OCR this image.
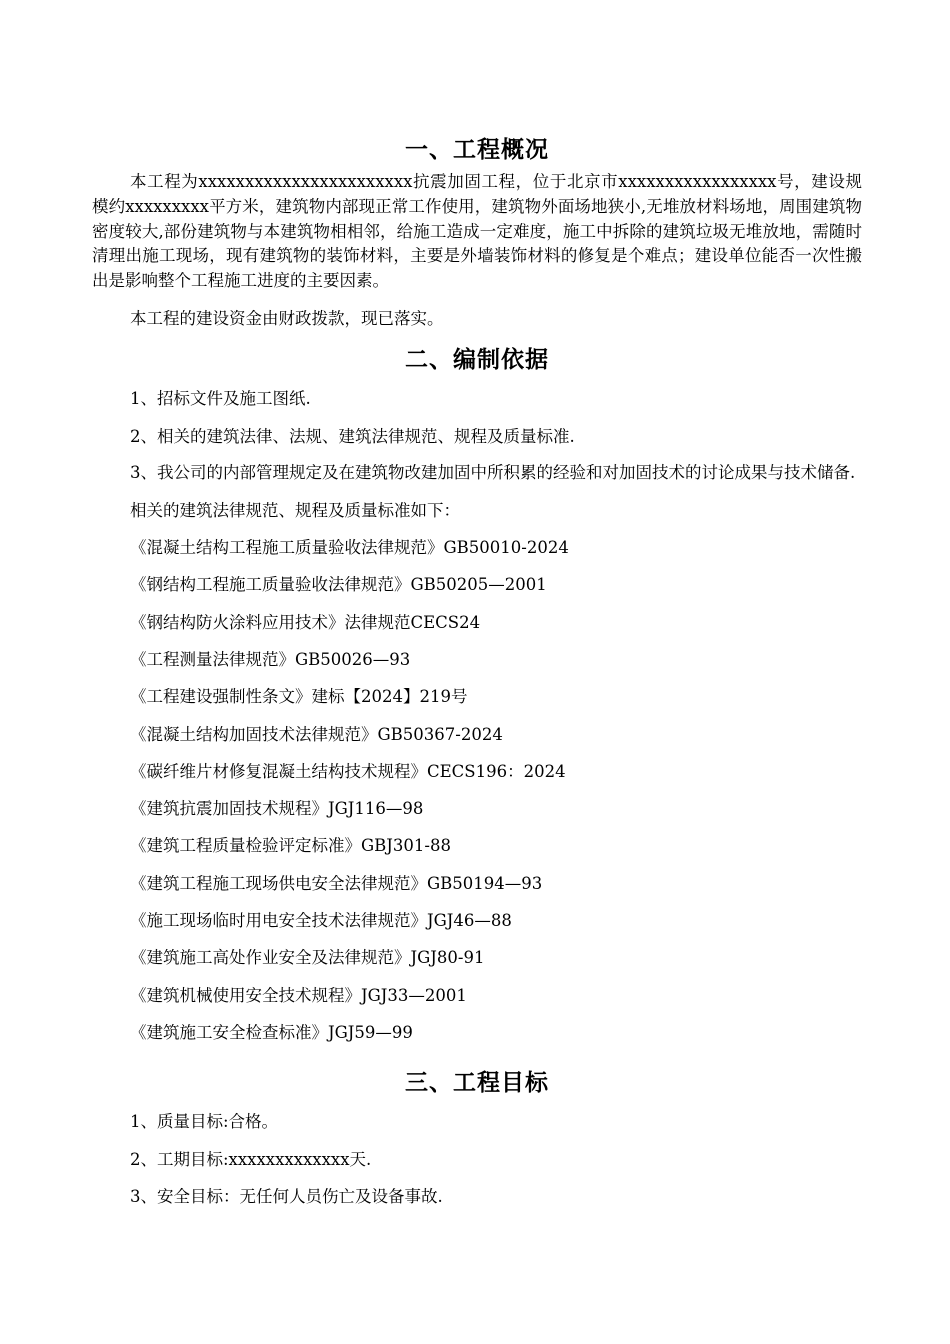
一、工程概况

本工程为xxxxxxxxxxxxxxxxxxxxxxx抗震加固工程，位于北京市xxxxxxxxxxxxxxxxx号，建设规模约xxxxxxxxx平方米，建筑物内部现正常工作使用，建筑物外面场地狭小,无堆放材料场地，周围建筑物密度较大,部份建筑物与本建筑物相相邻，给施工造成一定难度，施工中拆除的建筑垃圾无堆放地，需随时清理出施工现场，现有建筑物的装饰材料，主要是外墙装饰材料的修复是个难点；建设单位能否一次性搬出是影响整个工程施工进度的主要因素。

本工程的建设资金由财政拨款，现已落实。

二、编制依据
1、招标文件及施工图纸.
2、相关的建筑法律、法规、建筑法律规范、规程及质量标准.

3、我公司的内部管理规定及在建筑物改建加固中所积累的经验和对加固技术的讨论成果与技术储备.

相关的建筑法律规范、规程及质量标准如下：
《混凝土结构工程施工质量验收法律规范》GB50010-2024
《钢结构工程施工质量验收法律规范》GB50205—2001
《钢结构防火涂料应用技术》法律规范CECS24
《工程测量法律规范》GB50026—93
《工程建设强制性条文》建标【2024】219号
《混凝土结构加固技术法律规范》GB50367-2024
《碳纤维片材修复混凝土结构技术规程》CECS196：2024
《建筑抗震加固技术规程》JGJ116—98
《建筑工程质量检验评定标准》GBJ301-88
《建筑工程施工现场供电安全法律规范》GB50194—93
《施工现场临时用电安全技术法律规范》JGJ46—88
《建筑施工高处作业安全及法律规范》JGJ80-91
《建筑机械使用安全技术规程》JGJ33—2001
《建筑施工安全检查标准》JGJ59—99
三、工程目标
1、质量目标:合格。
2、工期目标:xxxxxxxxxxxxx天.
3、安全目标：无任何人员伤亡及设备事故.
